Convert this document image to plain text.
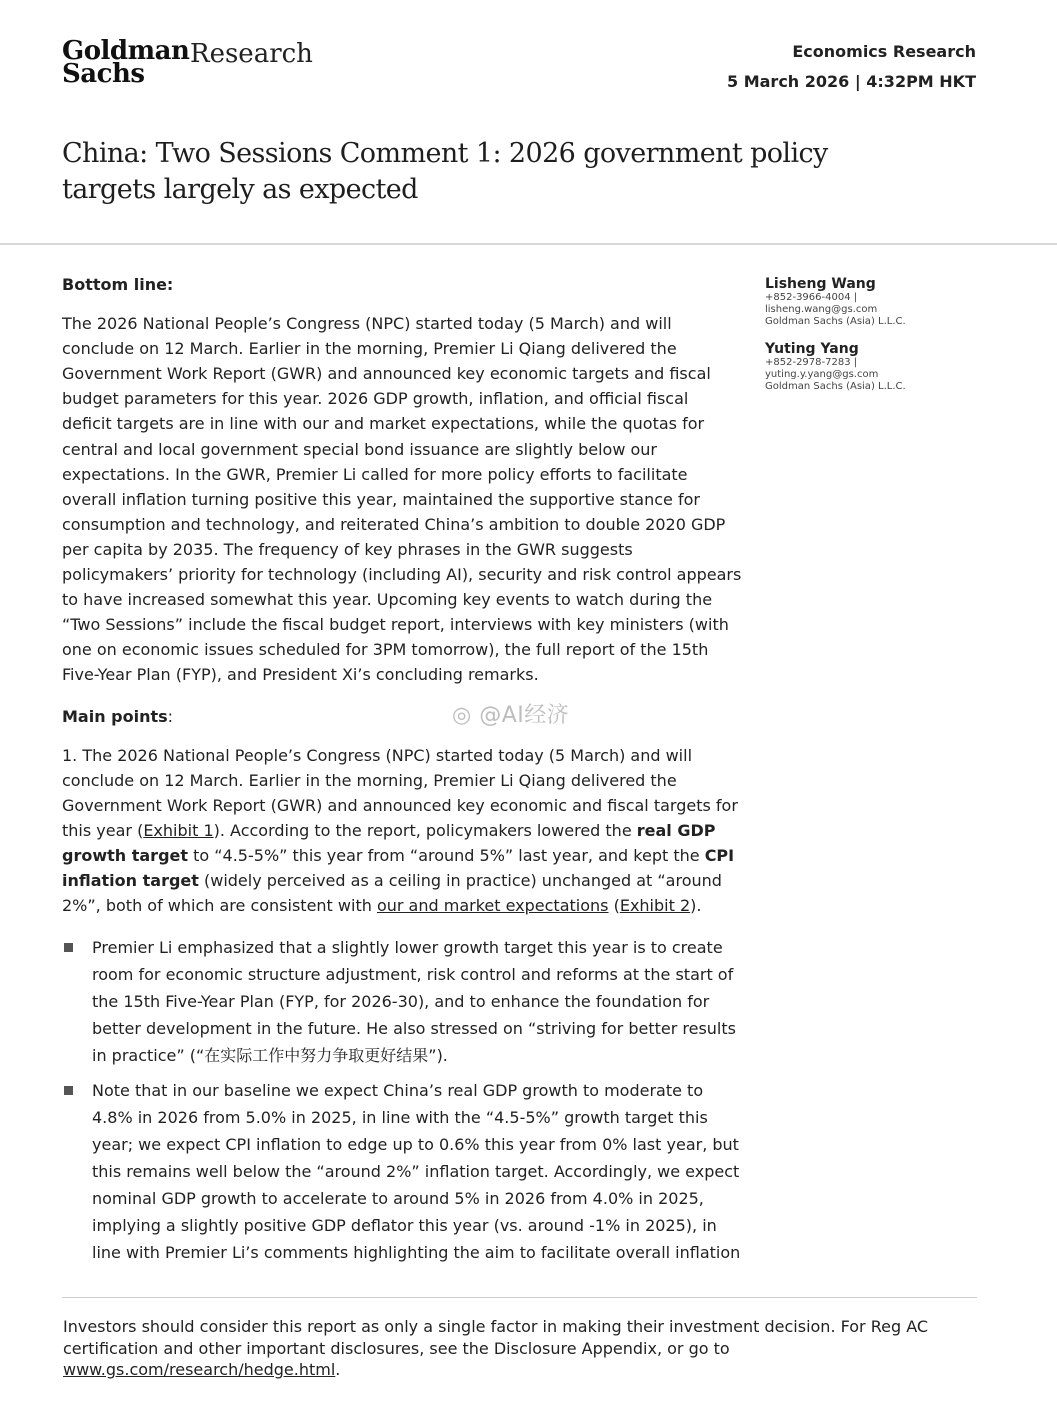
Goldman
Sachs
Research	Economics Research
5 March 2026 | 4:32PM HKT
China: Two Sessions Comment 1: 2026 government policy targets largely as expected
Lisheng Wang
+852-3966-4004 |
lisheng.wang@gs.com
Goldman Sachs (Asia) L.L.C.
Yuting Yang
+852-2978-7283 |
yuting.y.yang@gs.com
Goldman Sachs (Asia) L.L.C.
Bottom line:

The 2026 National People’s Congress (NPC) started today (5 March) and will conclude on 12 March. Earlier in the morning, Premier Li Qiang delivered the Government Work Report (GWR) and announced key economic targets and fiscal budget parameters for this year. 2026 GDP growth, inflation, and official fiscal deficit targets are in line with our and market expectations, while the quotas for central and local government special bond issuance are slightly below our expectations. In the GWR, Premier Li called for more policy efforts to facilitate overall inflation turning positive this year, maintained the supportive stance for consumption and technology, and reiterated China’s ambition to double 2020 GDP per capita by 2035. The frequency of key phrases in the GWR suggests policymakers’ priority for technology (including AI), security and risk control appears to have increased somewhat this year. Upcoming key events to watch during the “Two Sessions” include the fiscal budget report, interviews with key ministers (with one on economic issues scheduled for 3PM tomorrow), the full report of the 15th Five-Year Plan (FYP), and President Xi’s concluding remarks.

Main points:

1. The 2026 National People’s Congress (NPC) started today (5 March) and will conclude on 12 March. Earlier in the morning, Premier Li Qiang delivered the Government Work Report (GWR) and announced key economic and fiscal targets for this year (Exhibit 1). According to the report, policymakers lowered the real GDP growth target to “4.5-5%” this year from “around 5%” last year, and kept the CPI inflation target (widely perceived as a ceiling in practice) unchanged at “around 2%”, both of which are consistent with our and market expectations (Exhibit 2).

Premier Li emphasized that a slightly lower growth target this year is to create room for economic structure adjustment, risk control and reforms at the start of the 15th Five-Year Plan (FYP, for 2026-30), and to enhance the foundation for better development in the future. He also stressed on “striving for better results in practice” (“在实际工作中努力争取更好结果”).
Note that in our baseline we expect China’s real GDP growth to moderate to 4.8% in 2026 from 5.0% in 2025, in line with the “4.5-5%” growth target this year; we expect CPI inflation to edge up to 0.6% this year from 0% last year, but this remains well below the “around 2%” inflation target. Accordingly, we expect nominal GDP growth to accelerate to around 5% in 2026 from 4.0% in 2025, implying a slightly positive GDP deflator this year (vs. around -1% in 2025), in line with Premier Li’s comments highlighting the aim to facilitate overall inflation
◎ @AI经济
Investors should consider this report as only a single factor in making their investment decision. For Reg AC certification and other important disclosures, see the Disclosure Appendix, or go to www.gs.com/research/hedge.html.
